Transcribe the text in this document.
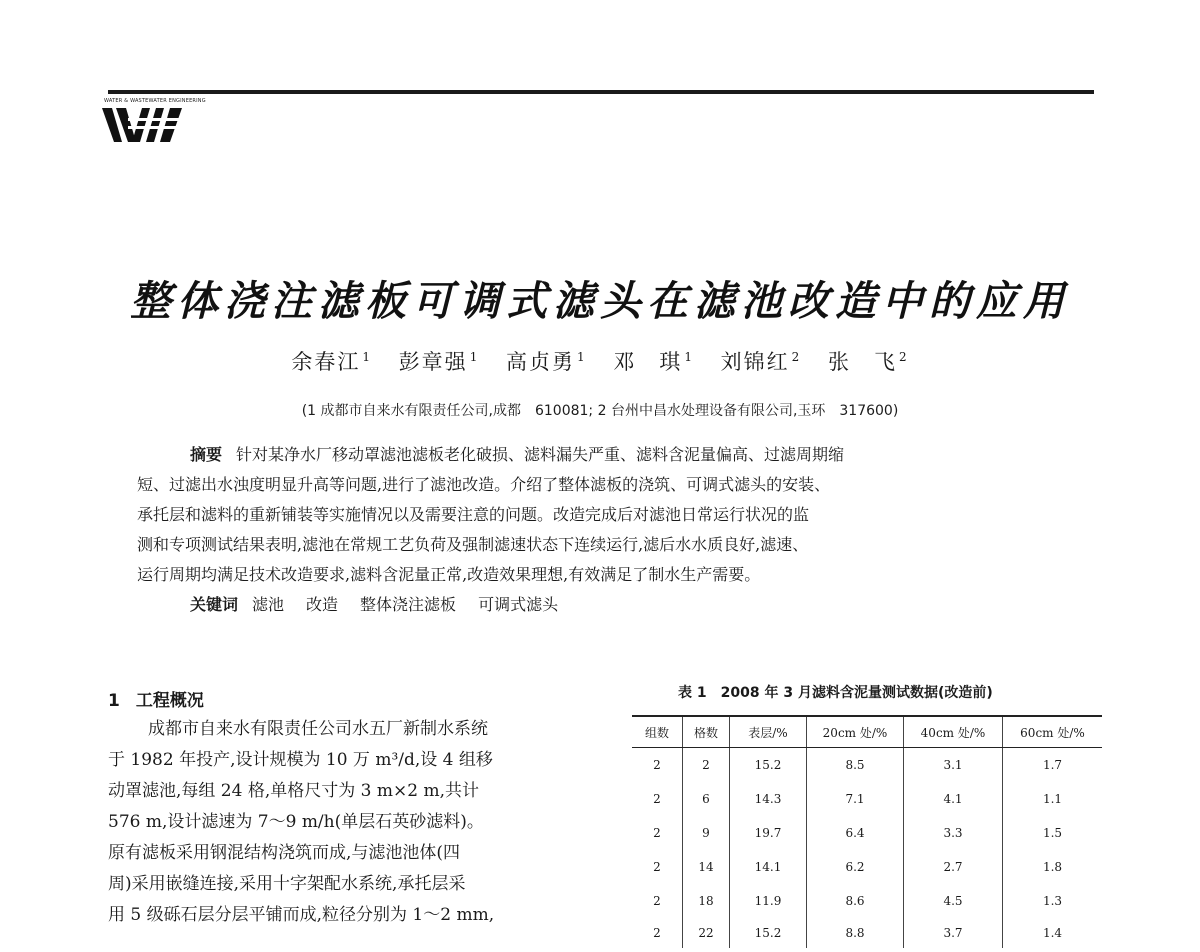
WATER & WASTEWATER ENGINEERING
整体浇注滤板可调式滤头在滤池改造中的应用
余春江 $^1$ 彭章强 $^1$ 高贞勇 $^1$ 邓　琪 $^1$ 刘锦红 $^2$ 张　飞 $^2$
(1 成都市自来水有限责任公司,成都　610081; 2 台州中昌水处理设备有限公司,玉环　317600)
摘要 针对某净水厂移动罩滤池滤板老化破损、滤料漏失严重、滤料含泥量偏高、过滤周期缩
短、过滤出水浊度明显升高等问题,进行了滤池改造。介绍了整体滤板的浇筑、可调式滤头的安装、
承托层和滤料的重新铺装等实施情况以及需要注意的问题。改造完成后对滤池日常运行状况的监
测和专项测试结果表明,滤池在常规工艺负荷及强制滤速状态下连续运行,滤后水水质良好,滤速、
运行周期均满足技术改造要求,滤料含泥量正常,改造效果理想,有效满足了制水生产需要。
关键词 滤池 改造 整体浇注滤板 可调式滤头
1 工程概况
成都市自来水有限责任公司水五厂新制水系统
于 1982 年投产,设计规模为 10 万 m³/d,设 4 组移
动罩滤池,每组 24 格,单格尺寸为 3 m×2 m,共计
576 m,设计滤速为 7～9 m/h(单层石英砂滤料)。
原有滤板采用钢混结构浇筑而成,与滤池池体(四
周)采用嵌缝连接,采用十字架配水系统,承托层采
用 5 级砾石层分层平铺而成,粒径分别为 1～2 mm,
表 1　2008 年 3 月滤料含泥量测试数据(改造前)
组数	格数	表层/%	20cm 处/%	40cm 处/%	60cm 处/%
2	2	15.2	8.5	3.1	1.7
2	6	14.3	7.1	4.1	1.1
2	9	19.7	6.4	3.3	1.5
2	14	14.1	6.2	2.7	1.8
2	18	11.9	8.6	4.5	1.3
2	22	15.2	8.8	3.7	1.4
